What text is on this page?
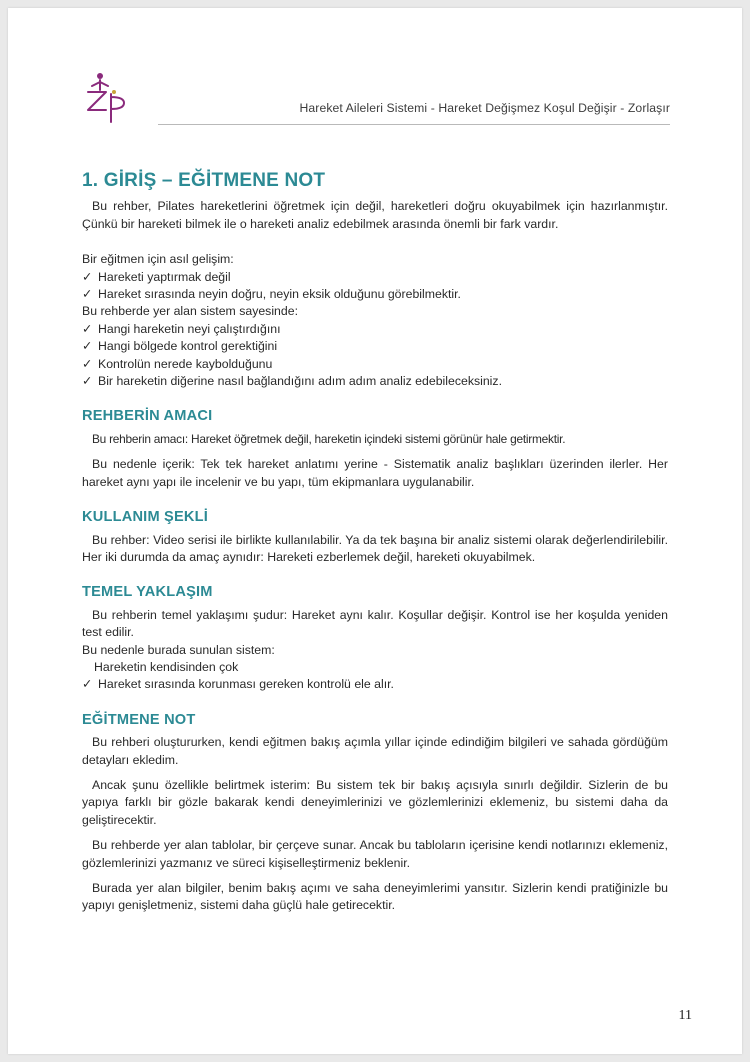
Hareket Aileleri Sistemi - Hareket Değişmez Koşul Değişir - Zorlaşır
1. GİRİŞ – EĞİTMENE NOT

Bu rehber, Pilates hareketlerini öğretmek için değil, hareketleri doğru okuyabilmek için hazırlanmıştır. Çünkü bir hareketi bilmek ile o hareketi analiz edebilmek arasında önemli bir fark vardır.

Bir eğitmen için asıl gelişim:
✓ Hareketi yaptırmak değil
✓ Hareket sırasında neyin doğru, neyin eksik olduğunu görebilmektir.
Bu rehberde yer alan sistem sayesinde:
✓ Hangi hareketin neyi çalıştırdığını
✓ Hangi bölgede kontrol gerektiğini
✓ Kontrolün nerede kaybolduğunu
✓ Bir hareketin diğerine nasıl bağlandığını adım adım analiz edebileceksiniz.
REHBERİN AMACI

Bu rehberin amacı: Hareket öğretmek değil, hareketin içindeki sistemi görünür hale getirmektir.

Bu nedenle içerik: Tek tek hareket anlatımı yerine - Sistematik analiz başlıkları üzerinden ilerler. Her hareket aynı yapı ile incelenir ve bu yapı, tüm ekipmanlara uygulanabilir.

KULLANIM ŞEKLİ

Bu rehber: Video serisi ile birlikte kullanılabilir. Ya da tek başına bir analiz sistemi olarak değerlendirilebilir. Her iki durumda da amaç aynıdır: Hareketi ezberlemek değil, hareketi okuyabilmek.

TEMEL YAKLAŞIM

Bu rehberin temel yaklaşımı şudur: Hareket aynı kalır. Koşullar değişir. Kontrol ise her koşulda yeniden test edilir.

Bu nedenle burada sunulan sistem:
Hareketin kendisinden çok
✓ Hareket sırasında korunması gereken kontrolü ele alır.
EĞİTMENE NOT

Bu rehberi oluştururken, kendi eğitmen bakış açımla yıllar içinde edindiğim bilgileri ve sahada gördüğüm detayları ekledim.

Ancak şunu özellikle belirtmek isterim: Bu sistem tek bir bakış açısıyla sınırlı değildir. Sizlerin de bu yapıya farklı bir gözle bakarak kendi deneyimlerinizi ve gözlemlerinizi eklemeniz, bu sistemi daha da geliştirecektir.

Bu rehberde yer alan tablolar, bir çerçeve sunar. Ancak bu tabloların içerisine kendi notlarınızı eklemeniz, gözlemlerinizi yazmanız ve süreci kişiselleştirmeniz beklenir.

Burada yer alan bilgiler, benim bakış açımı ve saha deneyimlerimi yansıtır. Sizlerin kendi pratiğinizle bu yapıyı genişletmeniz, sistemi daha güçlü hale getirecektir.

11
